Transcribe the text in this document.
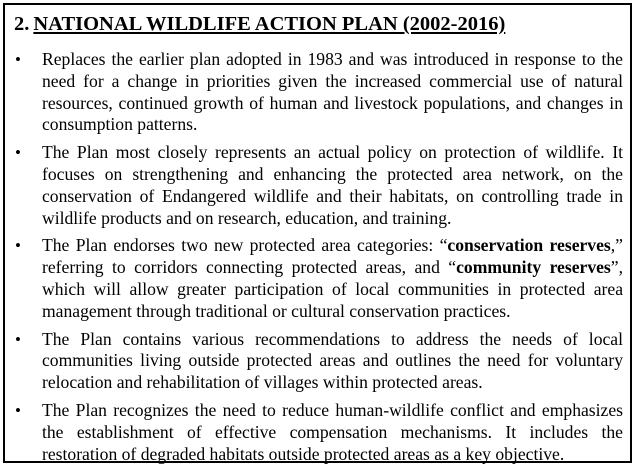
2. NATIONAL WILDLIFE ACTION PLAN (2002-2016)
• Replaces the earlier plan adopted in 1983 and was introduced in response to the need for a change in priorities given the increased commercial use of natural resources, continued growth of human and livestock populations, and changes in consumption patterns.
• The Plan most closely represents an actual policy on protection of wildlife. It focuses on strengthening and enhancing the protected area network, on the conservation of Endangered wildlife and their habitats, on controlling trade in wildlife products and on research, education, and training.
• The Plan endorses two new protected area categories: “conservation reserves,” referring to corridors connecting protected areas, and “community reserves”, which will allow greater participation of local communities in protected area management through traditional or cultural conservation practices.
• The Plan contains various recommendations to address the needs of local communities living outside protected areas and outlines the need for voluntary relocation and rehabilitation of villages within protected areas.
• The Plan recognizes the need to reduce human-wildlife conflict and emphasizes the establishment of effective compensation mechanisms. It includes the restoration of degraded habitats outside protected areas as a key objective.
